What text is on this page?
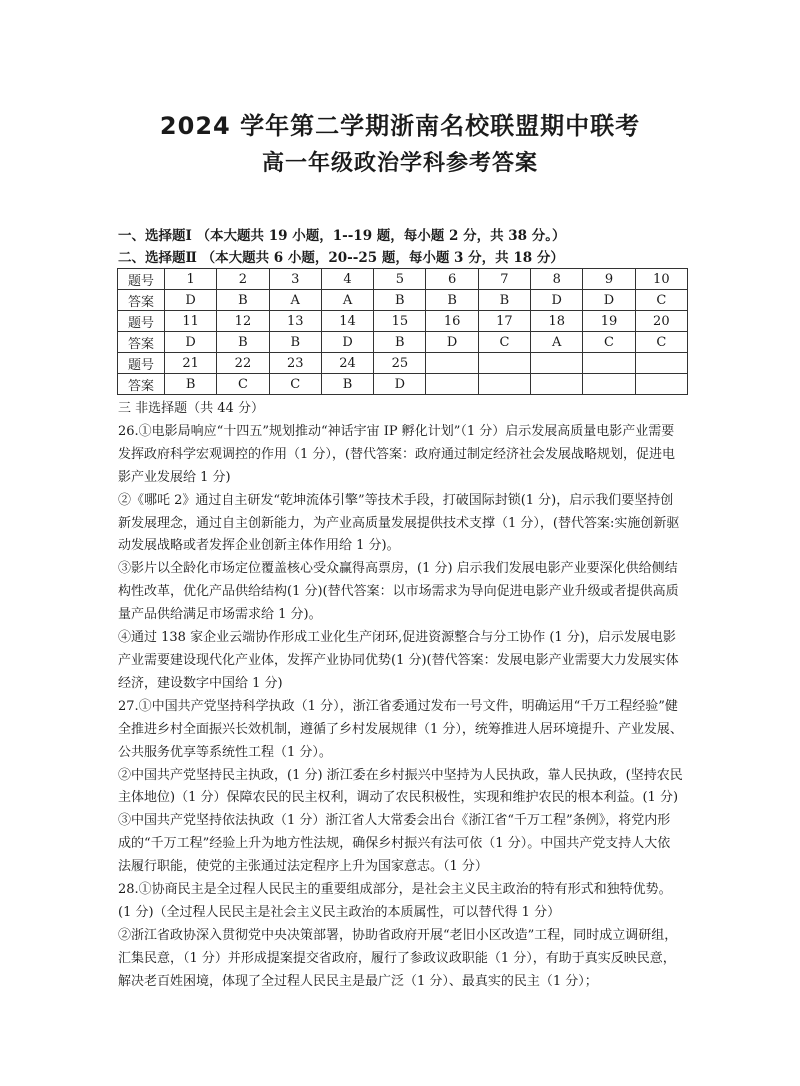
2024 学年第二学期浙南名校联盟期中联考
高一年级政治学科参考答案
一、选择题Ⅰ （本大题共 19 小题，1--19 题，每小题 2 分，共 38 分。）
二、选择题Ⅱ （本大题共 6 小题，20--25 题，每小题 3 分，共 18 分）
题号	1	2	3	4	5	6	7	8	9	10
答案	D	B	A	A	B	B	B	D	D	C
题号	11	12	13	14	15	16	17	18	19	20
答案	D	B	B	D	B	D	C	A	C	C
题号	21	22	23	24	25					
答案	B	C	C	B	D					

三 非选择题（共 44 分）

26.①电影局响应“十四五”规划推动“神话宇宙 IP 孵化计划”（1 分）启示发展高质量电影产业需要发挥政府科学宏观调控的作用（1 分），(替代答案：政府通过制定经济社会发展战略规划，促进电影产业发展给 1 分)

②《哪吒 2》通过自主研发“乾坤流体引擎”等技术手段，打破国际封锁(1 分)，启示我们要坚持创新发展理念，通过自主创新能力，为产业高质量发展提供技术支撑（1 分），(替代答案:实施创新驱动发展战略或者发挥企业创新主体作用给 1 分)。

③影片以全龄化市场定位覆盖核心受众赢得高票房，(1 分) 启示我们发展电影产业要深化供给侧结构性改革，优化产品供给结构(1 分)(替代答案：以市场需求为导向促进电影产业升级或者提供高质量产品供给满足市场需求给 1 分)。

④通过 138 家企业云端协作形成工业化生产闭环,促进资源整合与分工协作 (1 分)，启示发展电影产业需要建设现代化产业体，发挥产业协同优势(1 分)(替代答案：发展电影产业需要大力发展实体经济，建设数字中国给 1 分)

27.①中国共产党坚持科学执政（1 分），浙江省委通过发布一号文件，明确运用“千万工程经验”健全推进乡村全面振兴长效机制，遵循了乡村发展规律（1 分），统筹推进人居环境提升、产业发展、公共服务优享等系统性工程（1 分）。

②中国共产党坚持民主执政，(1 分) 浙江委在乡村振兴中坚持为人民执政，靠人民执政，(坚持农民主体地位)（1 分）保障农民的民主权利，调动了农民积极性，实现和维护农民的根本利益。(1 分)

③中国共产党坚持依法执政（1 分）浙江省人大常委会出台《浙江省“千万工程”条例》，将党内形成的“千万工程”经验上升为地方性法规，确保乡村振兴有法可依（1 分）。中国共产党支持人大依法履行职能，使党的主张通过法定程序上升为国家意志。（1 分）

28.①协商民主是全过程人民民主的重要组成部分，是社会主义民主政治的特有形式和独特优势。(1 分)（全过程人民民主是社会主义民主政治的本质属性，可以替代得 1 分）

②浙江省政协深入贯彻党中央决策部署，协助省政府开展“老旧小区改造”工程，同时成立调研组，汇集民意，（1 分）并形成提案提交省政府，履行了参政议政职能（1 分），有助于真实反映民意，解决老百姓困境，体现了全过程人民民主是最广泛（1 分）、最真实的民主（1 分）；
